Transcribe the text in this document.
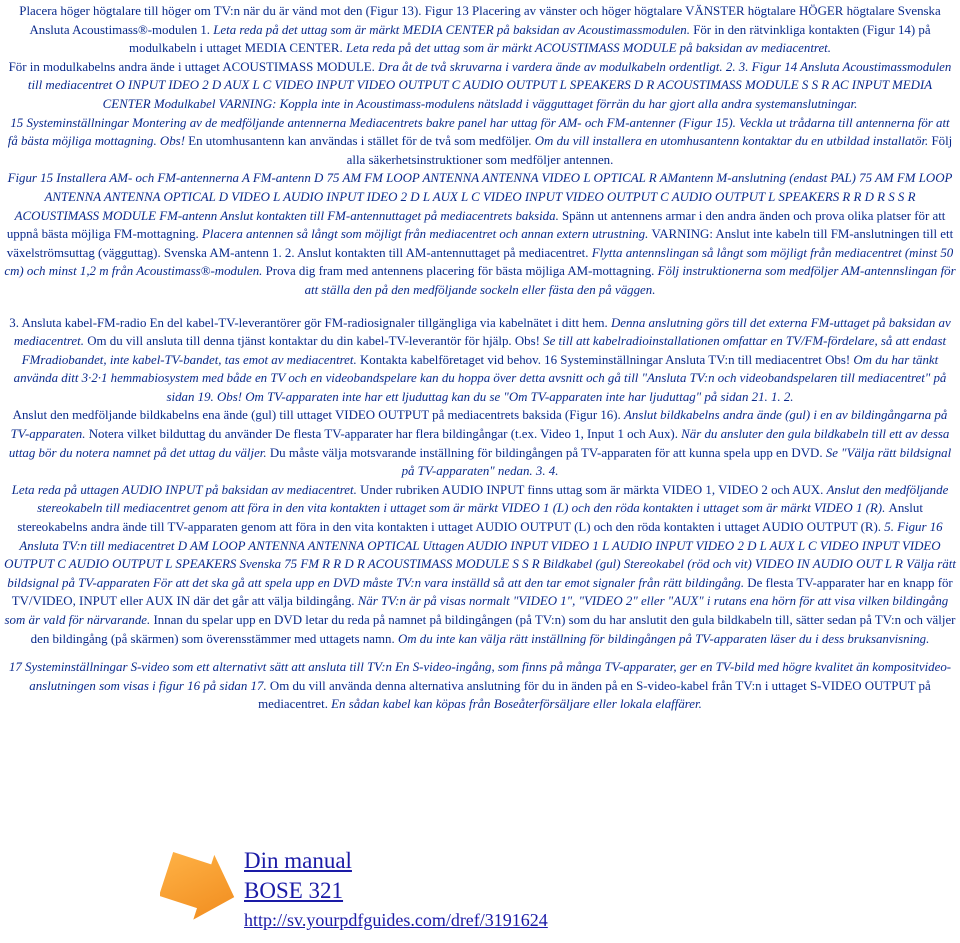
Placera höger högtalare till höger om TV:n när du är vänd mot den (Figur 13). Figur 13 Placering av vänster och höger högtalare VÄNSTER högtalare HÖGER högtalare Svenska Ansluta Acoustimass®-modulen 1. Leta reda på det uttag som är märkt MEDIA CENTER på baksidan av Acoustimassmodulen. För in den rätvinkliga kontakten (Figur 14) på modulkabeln i uttaget MEDIA CENTER. Leta reda på det uttag som är märkt ACOUSTIMASS MODULE på baksidan av mediacentret.

För in modulkabelns andra ände i uttaget ACOUSTIMASS MODULE. Dra åt de två skruvarna i vardera ände av modulkabeln ordentligt. 2. 3. Figur 14 Ansluta Acoustimassmodulen till mediacentret O INPUT IDEO 2 D AUX L C VIDEO INPUT VIDEO OUTPUT C AUDIO OUTPUT L SPEAKERS D R ACOUSTIMASS MODULE S S R AC INPUT MEDIA CENTER Modulkabel VARNING: Koppla inte in Acoustimass-modulens nätsladd i vägguttaget förrän du har gjort alla andra systemanslutningar.

15 Systeminställningar Montering av de medföljande antennerna Mediacentrets bakre panel har uttag för AM- och FM-antenner (Figur 15). Veckla ut trådarna till antennerna för att få bästa möjliga mottagning. Obs! En utomhusantenn kan användas i stället för de två som medföljer. Om du vill installera en utomhusantenn kontaktar du en utbildad installatör. Följ alla säkerhetsinstruktioner som medföljer antennen.

Figur 15 Installera AM- och FM-antennerna A FM-antenn D 75 AM FM LOOP ANTENNA ANTENNA VIDEO L OPTICAL R AMantenn M-anslutning (endast PAL) 75 AM FM LOOP ANTENNA ANTENNA OPTICAL D VIDEO L AUDIO INPUT IDEO 2 D L AUX L C VIDEO INPUT VIDEO OUTPUT C AUDIO OUTPUT L SPEAKERS R R D R S S R ACOUSTIMASS MODULE FM-antenn Anslut kontakten till FM-antennuttaget på mediacentrets baksida. Spänn ut antennens armar i den andra änden och prova olika platser för att uppnå bästa möjliga FM-mottagning. Placera antennen så långt som möjligt från mediacentret och annan extern utrustning. VARNING: Anslut inte kabeln till FM-anslutningen till ett växelströmsuttag (vägguttag). Svenska AM-antenn 1. 2. Anslut kontakten till AM-antennuttaget på mediacentret. Flytta antennslingan så långt som möjligt från mediacentret (minst 50 cm) och minst 1,2 m från Acoustimass®-modulen. Prova dig fram med antennens placering för bästa möjliga AM-mottagning. Följ instruktionerna som medföljer AM-antennslingan för att ställa den på den medföljande sockeln eller fästa den på väggen.

3. Ansluta kabel-FM-radio En del kabel-TV-leverantörer gör FM-radiosignaler tillgängliga via kabelnätet i ditt hem. Denna anslutning görs till det externa FM-uttaget på baksidan av mediacentret. Om du vill ansluta till denna tjänst kontaktar du din kabel-TV-leverantör för hjälp. Obs! Se till att kabelradioinstallationen omfattar en TV/FM-fördelare, så att endast FMradiobandet, inte kabel-TV-bandet, tas emot av mediacentret. Kontakta kabelföretaget vid behov. 16 Systeminställningar Ansluta TV:n till mediacentret Obs! Om du har tänkt använda ditt 3·2·1 hemmabiosystem med både en TV och en videobandspelare kan du hoppa över detta avsnitt och gå till "Ansluta TV:n och videobandspelaren till mediacentret" på sidan 19. Obs! Om TV-apparaten inte har ett ljuduttag kan du se "Om TV-apparaten inte har ljuduttag" på sidan 21. 1. 2.

Anslut den medföljande bildkabelns ena ände (gul) till uttaget VIDEO OUTPUT på mediacentrets baksida (Figur 16). Anslut bildkabelns andra ände (gul) i en av bildingångarna på TV-apparaten. Notera vilket bilduttag du använder De flesta TV-apparater har flera bildingångar (t.ex. Video 1, Input 1 och Aux). När du ansluter den gula bildkabeln till ett av dessa uttag bör du notera namnet på det uttag du väljer. Du måste välja motsvarande inställning för bildingången på TV-apparaten för att kunna spela upp en DVD. Se "Välja rätt bildsignal på TV-apparaten" nedan. 3. 4.

Leta reda på uttagen AUDIO INPUT på baksidan av mediacentret. Under rubriken AUDIO INPUT finns uttag som är märkta VIDEO 1, VIDEO 2 och AUX. Anslut den medföljande stereokabeln till mediacentret genom att föra in den vita kontakten i uttaget som är märkt VIDEO 1 (L) och den röda kontakten i uttaget som är märkt VIDEO 1 (R). Anslut stereokabelns andra ände till TV-apparaten genom att föra in den vita kontakten i uttaget AUDIO OUTPUT (L) och den röda kontakten i uttaget AUDIO OUTPUT (R). 5. Figur 16 Ansluta TV:n till mediacentret D AM LOOP ANTENNA ANTENNA OPTICAL Uttagen AUDIO INPUT VIDEO 1 L AUDIO INPUT VIDEO 2 D L AUX L C VIDEO INPUT VIDEO OUTPUT C AUDIO OUTPUT L SPEAKERS Svenska 75 FM R R D R ACOUSTIMASS MODULE S S R Bildkabel (gul) Stereokabel (röd och vit) VIDEO IN AUDIO OUT L R Välja rätt bildsignal på TV-apparaten För att det ska gå att spela upp en DVD måste TV:n vara inställd så att den tar emot signaler från rätt bildingång. De flesta TV-apparater har en knapp för TV/VIDEO, INPUT eller AUX IN där det går att välja bildingång. När TV:n är på visas normalt "VIDEO 1", "VIDEO 2" eller "AUX" i rutans ena hörn för att visa vilken bildingång som är vald för närvarande. Innan du spelar upp en DVD letar du reda på namnet på bildingången (på TV:n) som du har anslutit den gula bildkabeln till, sätter sedan på TV:n och väljer den bildingång (på skärmen) som överensstämmer med uttagets namn. Om du inte kan välja rätt inställning för bildingången på TV-apparaten läser du i dess bruksanvisning.

17 Systeminställningar S-video som ett alternativt sätt att ansluta till TV:n En S-video-ingång, som finns på många TV-apparater, ger en TV-bild med högre kvalitet än kompositvideo-anslutningen som visas i figur 16 på sidan 17. Om du vill använda denna alternativa anslutning för du in änden på en S-video-kabel från TV:n i uttaget S-VIDEO OUTPUT på mediacentret. En sådan kabel kan köpas från Boseåterförsäljare eller lokala elaffärer.

Din manual
BOSE 321
http://sv.yourpdfguides.com/dref/3191624
